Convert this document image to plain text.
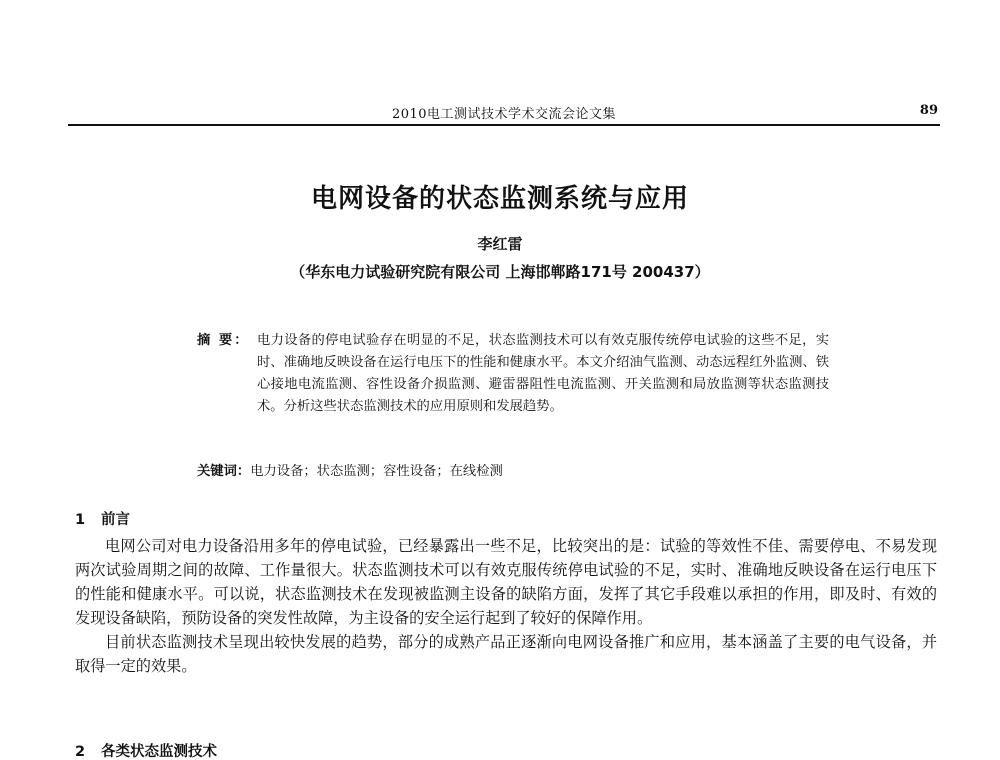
2010电工测试技术学术交流会论文集	89
电网设备的状态监测系统与应用
李红雷
（华东电力试验研究院有限公司 上海邯郸路171号 200437）
摘 要： 电力设备的停电试验存在明显的不足，状态监测技术可以有效克服传统停电试验的这些不足，实时、准确地反映设备在运行电压下的性能和健康水平。本文介绍油气监测、动态远程红外监测、铁心接地电流监测、容性设备介损监测、避雷器阻性电流监测、开关监测和局放监测等状态监测技术。分析这些状态监测技术的应用原则和发展趋势。
关键词：电力设备；状态监测；容性设备；在线检测
1 前言

电网公司对电力设备沿用多年的停电试验，已经暴露出一些不足，比较突出的是：试验的等效性不佳、需要停电、不易发现两次试验周期之间的故障、工作量很大。状态监测技术可以有效克服传统停电试验的不足，实时、准确地反映设备在运行电压下的性能和健康水平。可以说，状态监测技术在发现被监测主设备的缺陷方面，发挥了其它手段难以承担的作用，即及时、有效的发现设备缺陷，预防设备的突发性故障，为主设备的安全运行起到了较好的保障作用。

目前状态监测技术呈现出较快发展的趋势，部分的成熟产品正逐渐向电网设备推广和应用，基本涵盖了主要的电气设备，并取得一定的效果。

2 各类状态监测技术
